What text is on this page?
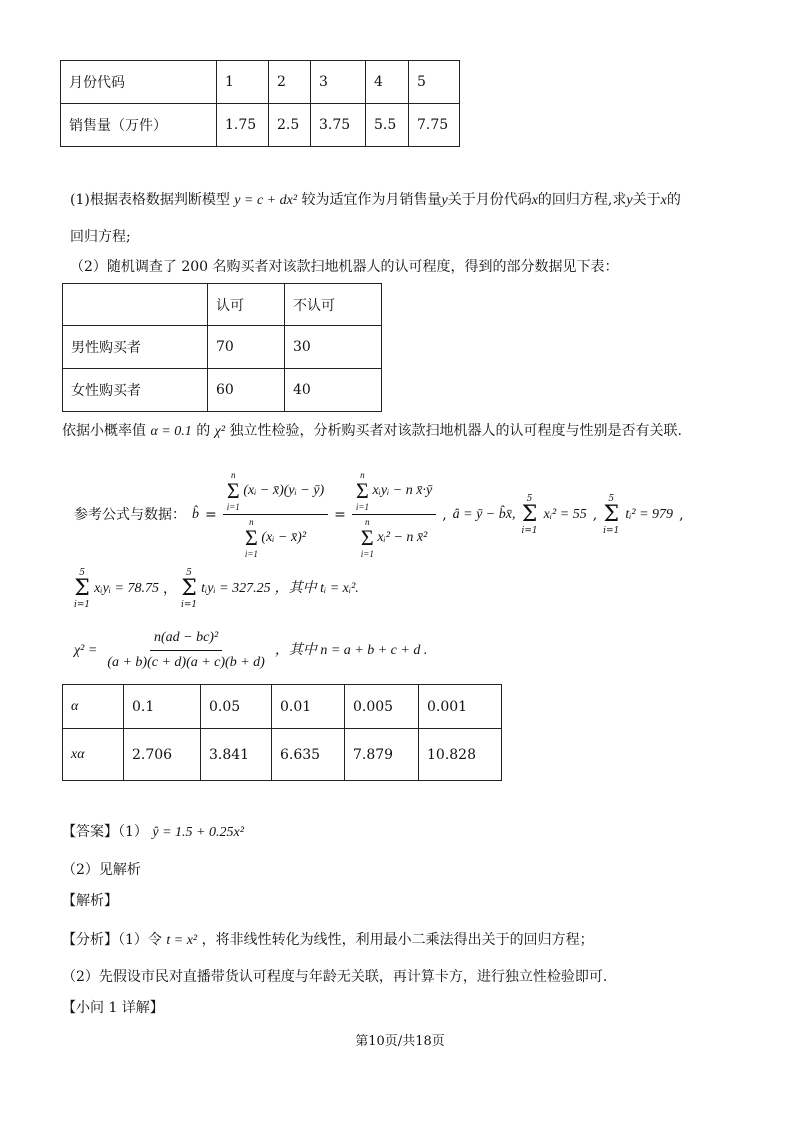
月份代码	1	2	3	4	5
销售量（万件）	1.75	2.5	3.75	5.5	7.75
(1)根据表格数据判断模型 y = c + dx² 较为适宜作为月销售量y关于月份代码x的回归方程,求y关于x的
回归方程;
（2）随机调查了 200 名购买者对该款扫地机器人的认可程度，得到的部分数据见下表：
	认可	不认可
男性购买者	70	30
女性购买者	60	40
依据小概率值 α = 0.1 的 χ² 独立性检验，分析购买者对该款扫地机器人的认可程度与性别是否有关联.
参考公式与数据： b̂ = n
Σ
i=1
(xᵢ − x̄)(yᵢ − ȳ)
n
Σ
i=1
(xᵢ − x̄)² = n
Σ
i=1
xᵢyᵢ − n x̄·ȳ
n
Σ
i=1
xᵢ² − n x̄² , â = ȳ − b̂x̄,
5
Σ
i=1
xᵢ² = 55 ,
5
Σ
i=1
tᵢ² = 979 ,
5
Σ
i=1
xᵢyᵢ = 78.75 ，
5
Σ
i=1
tᵢyᵢ = 327.25 ，其中 tᵢ = xᵢ².
$\chi^2 = \frac{\text{n(ad − bc)²}}{(a + b)(c + d)(a + c)(b + d)}$ ，其中 n = a + b + c + d .
α	0.1	0.05	0.01	0.005	0.001
xα	2.706	3.841	6.635	7.879	10.828
【答案】（1） ŷ = 1.5 + 0.25x²
（2）见解析
【解析】
【分析】（1）令 t = x² ，将非线性转化为线性，利用最小二乘法得出关于的回归方程；
（2）先假设市民对直播带货认可程度与年龄无关联，再计算卡方，进行独立性检验即可.
【小问 1 详解】
第10页/共18页
